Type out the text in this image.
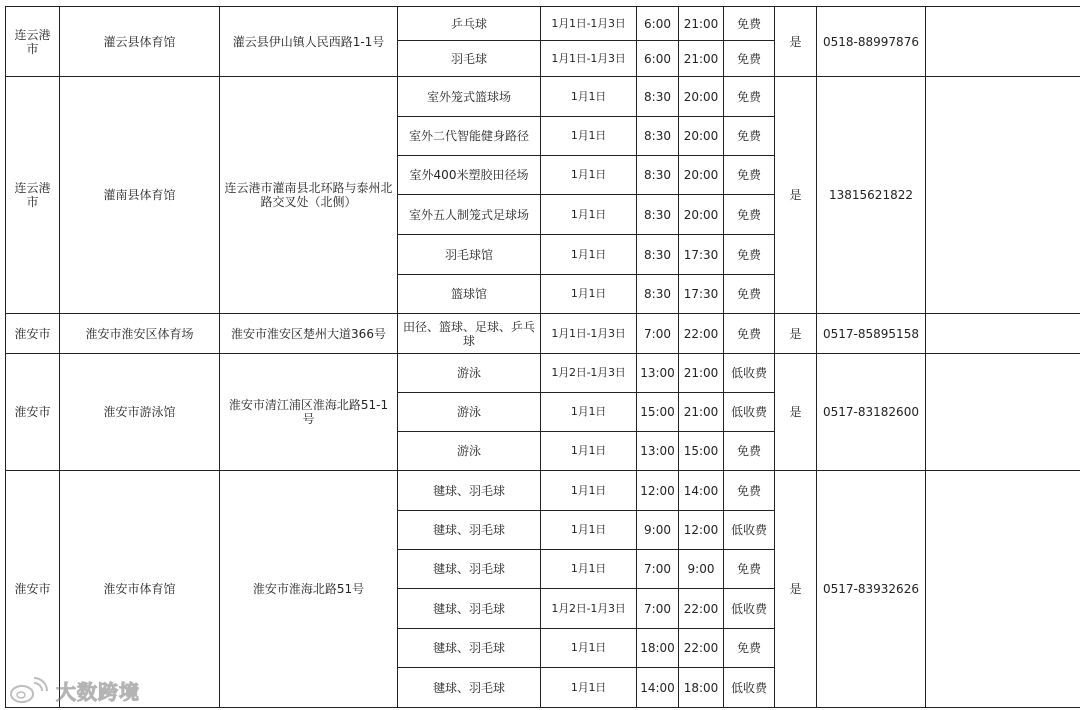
连云港市	灌云县体育馆	灌云县伊山镇人民西路1-1号	乒乓球	1月1日-1月3日	6:00	21:00	免费	是	0518-88997876	
			羽毛球	1月1日-1月3日	6:00	21:00	免费			
连云港市	灌南县体育馆	连云港市灌南县北环路与泰州北路交叉处（北侧）	室外笼式篮球场	1月1日	8:30	20:00	免费	是	13815621822	
			室外二代智能健身路径	1月1日	8:30	20:00	免费			
			室外400米塑胶田径场	1月1日	8:30	20:00	免费			
			室外五人制笼式足球场	1月1日	8:30	20:00	免费			
			羽毛球馆	1月1日	8:30	17:30	免费			
			篮球馆	1月1日	8:30	17:30	免费			
淮安市	淮安市淮安区体育场	淮安市淮安区楚州大道366号	田径、篮球、足球、乒乓球	1月1日-1月3日	7:00	22:00	免费	是	0517-85895158	
淮安市	淮安市游泳馆	淮安市清江浦区淮海北路51-1号	游泳	1月2日-1月3日	13:00	21:00	低收费	是	0517-83182600	
			游泳	1月1日	15:00	21:00	低收费			
			游泳	1月1日	13:00	15:00	免费			
淮安市	淮安市体育馆	淮安市淮海北路51号	毽球、羽毛球	1月1日	12:00	14:00	免费	是	0517-83932626	
			毽球、羽毛球	1月1日	9:00	12:00	低收费			
			毽球、羽毛球	1月1日	7:00	9:00	免费			
			毽球、羽毛球	1月2日-1月3日	7:00	22:00	低收费			
			毽球、羽毛球	1月1日	18:00	22:00	免费			
			毽球、羽毛球	1月1日	14:00	18:00	低收费			
大数跨境
